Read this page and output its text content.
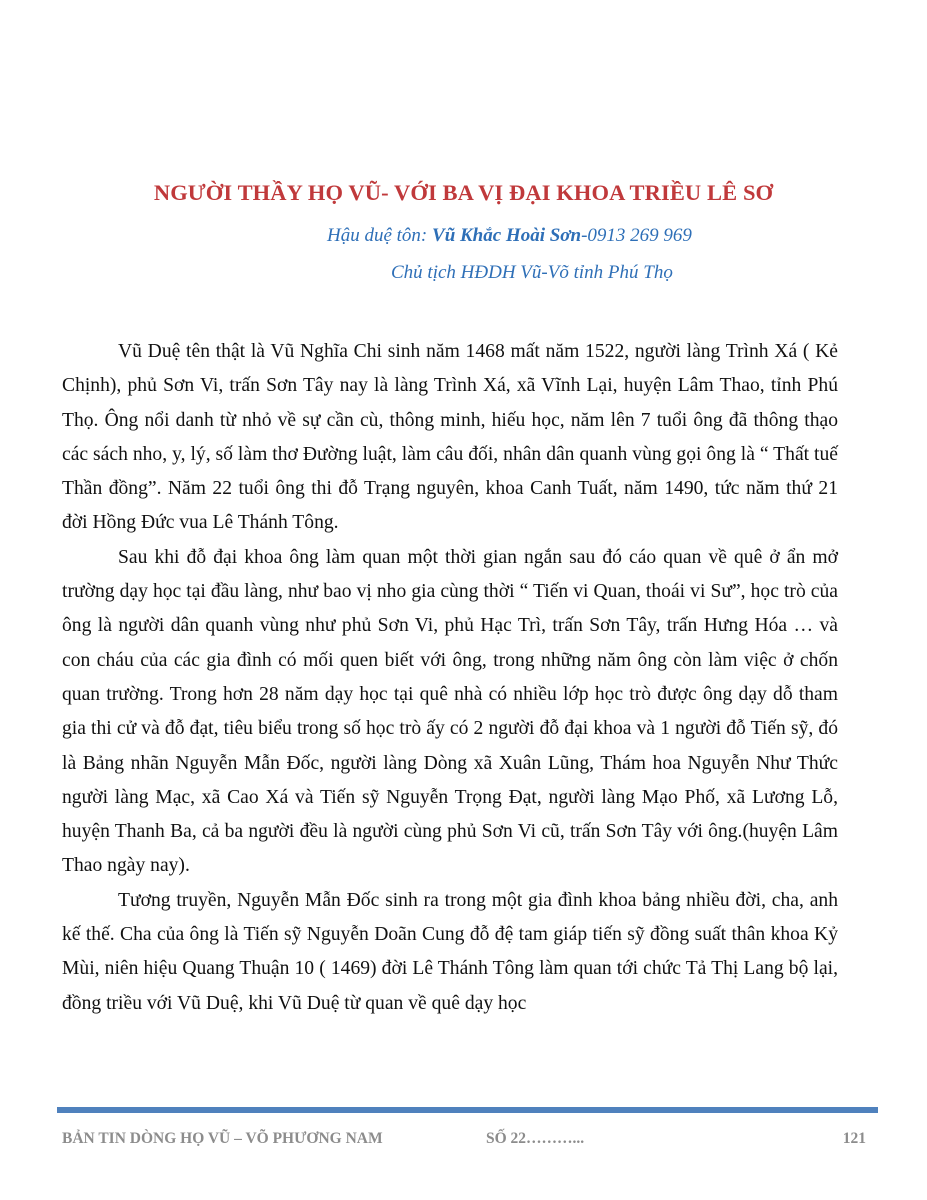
NGƯỜI THẦY HỌ VŨ- VỚI BA VỊ ĐẠI KHOA TRIỀU LÊ SƠ
Hậu duệ tôn: Vũ Khắc Hoài Sơn-0913 269 969
Chủ tịch HĐDH Vũ-Võ tỉnh Phú Thọ

Vũ Duệ tên thật là Vũ Nghĩa Chi sinh năm 1468 mất năm 1522, người làng Trình Xá ( Kẻ Chịnh), phủ Sơn Vi, trấn Sơn Tây nay là làng Trình Xá, xã Vĩnh Lại, huyện Lâm Thao, tỉnh Phú Thọ. Ông nổi danh từ nhỏ về sự cần cù, thông minh, hiếu học, năm lên 7 tuổi ông đã thông thạo các sách nho, y, lý, số làm thơ Đường luật, làm câu đối, nhân dân quanh vùng gọi ông là “ Thất tuế Thần đồng”. Năm 22 tuổi ông thi đỗ Trạng nguyên, khoa Canh Tuất, năm 1490, tức năm thứ 21 đời Hồng Đức vua Lê Thánh Tông.

Sau khi đỗ đại khoa ông làm quan một thời gian ngắn sau đó cáo quan về quê ở ẩn mở trường dạy học tại đầu làng, như bao vị nho gia cùng thời “ Tiến vi Quan, thoái vi Sư”, học trò của ông là người dân quanh vùng như phủ Sơn Vi, phủ Hạc Trì, trấn Sơn Tây, trấn Hưng Hóa … và con cháu của các gia đình có mối quen biết với ông, trong những năm ông còn làm việc ở chốn quan trường. Trong hơn 28 năm dạy học tại quê nhà có nhiều lớp học trò được ông dạy dỗ tham gia thi cử và đỗ đạt, tiêu biểu trong số học trò ấy có 2 người đỗ đại khoa và 1 người đỗ Tiến sỹ, đó là Bảng nhãn Nguyễn Mẫn Đốc, người làng Dòng xã Xuân Lũng, Thám hoa Nguyễn Như Thức người làng Mạc, xã Cao Xá và Tiến sỹ Nguyễn Trọng Đạt, người làng Mạo Phố, xã Lương Lỗ, huyện Thanh Ba, cả ba người đều là người cùng phủ Sơn Vi cũ, trấn Sơn Tây với ông.(huyện Lâm Thao ngày nay).

Tương truyền, Nguyễn Mẫn Đốc sinh ra trong một gia đình khoa bảng nhiều đời, cha, anh kế thế. Cha của ông là Tiến sỹ Nguyễn Doãn Cung đỗ đệ tam giáp tiến sỹ đồng suất thân khoa Kỷ Mùi, niên hiệu Quang Thuận 10 ( 1469) đời Lê Thánh Tông làm quan tới chức Tả Thị Lang bộ lại, đồng triều với Vũ Duệ, khi Vũ Duệ từ quan về quê dạy học

BẢN TIN DÒNG HỌ VŨ – VÕ PHƯƠNG NAM	SỐ 22………...	121
